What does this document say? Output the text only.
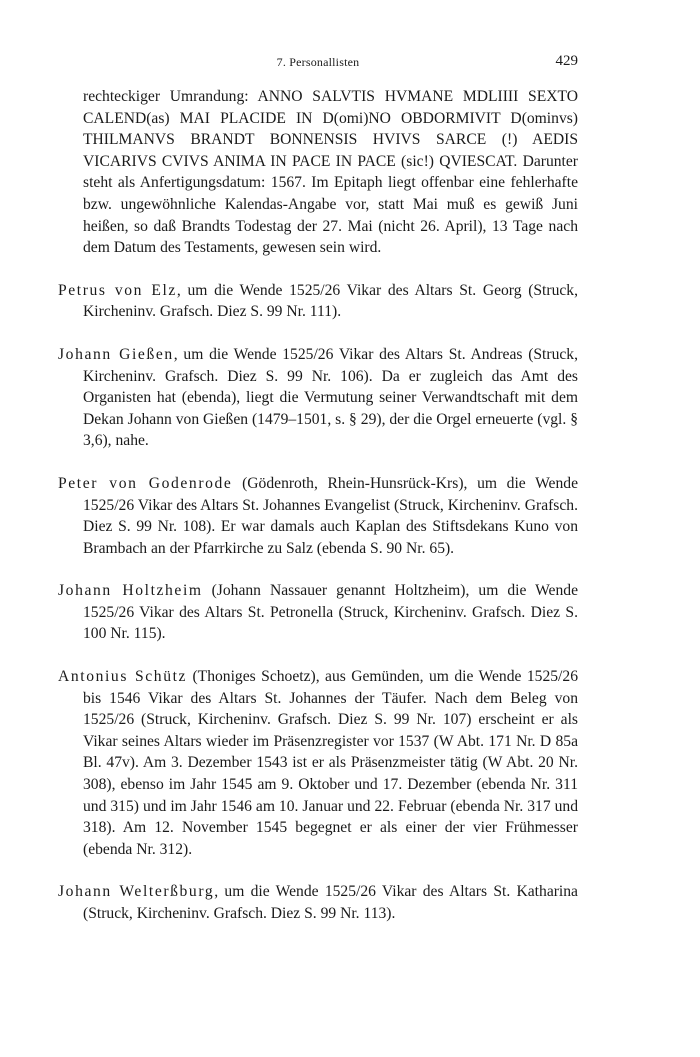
7. Personallisten	429

rechteckiger Umrandung: ANNO SALVTIS HVMANE MDLIIII SEXTO CALEND(as) MAI PLACIDE IN D(omi)NO OBDORMIVIT D(ominvs) THILMANVS BRANDT BONNENSIS HVIVS SARCE (!) AEDIS VICARIVS CVIVS ANIMA IN PACE IN PACE (sic!) QVIESCAT. Darunter steht als Anfertigungsdatum: 1567. Im Epitaph liegt offenbar eine fehlerhafte bzw. ungewöhnliche Kalendas-Angabe vor, statt Mai muß es gewiß Juni heißen, so daß Brandts Todestag der 27. Mai (nicht 26. April), 13 Tage nach dem Datum des Testaments, gewesen sein wird.

Petrus von Elz, um die Wende 1525/26 Vikar des Altars St. Georg (Struck, Kircheninv. Grafsch. Diez S. 99 Nr. 111).

Johann Gießen, um die Wende 1525/26 Vikar des Altars St. Andreas (Struck, Kircheninv. Grafsch. Diez S. 99 Nr. 106). Da er zugleich das Amt des Organisten hat (ebenda), liegt die Vermutung seiner Verwandtschaft mit dem Dekan Johann von Gießen (1479–1501, s. § 29), der die Orgel erneuerte (vgl. § 3,6), nahe.

Peter von Godenrode (Gödenroth, Rhein-Hunsrück-Krs), um die Wende 1525/26 Vikar des Altars St. Johannes Evangelist (Struck, Kircheninv. Grafsch. Diez S. 99 Nr. 108). Er war damals auch Kaplan des Stiftsdekans Kuno von Brambach an der Pfarrkirche zu Salz (ebenda S. 90 Nr. 65).

Johann Holtzheim (Johann Nassauer genannt Holtzheim), um die Wende 1525/26 Vikar des Altars St. Petronella (Struck, Kircheninv. Grafsch. Diez S. 100 Nr. 115).

Antonius Schütz (Thoniges Schoetz), aus Gemünden, um die Wende 1525/26 bis 1546 Vikar des Altars St. Johannes der Täufer. Nach dem Beleg von 1525/26 (Struck, Kircheninv. Grafsch. Diez S. 99 Nr. 107) erscheint er als Vikar seines Altars wieder im Präsenzregister vor 1537 (W Abt. 171 Nr. D 85a Bl. 47v). Am 3. Dezember 1543 ist er als Präsenzmeister tätig (W Abt. 20 Nr. 308), ebenso im Jahr 1545 am 9. Oktober und 17. Dezember (ebenda Nr. 311 und 315) und im Jahr 1546 am 10. Januar und 22. Februar (ebenda Nr. 317 und 318). Am 12. November 1545 begegnet er als einer der vier Frühmesser (ebenda Nr. 312).

Johann Welterßburg, um die Wende 1525/26 Vikar des Altars St. Katharina (Struck, Kircheninv. Grafsch. Diez S. 99 Nr. 113).
